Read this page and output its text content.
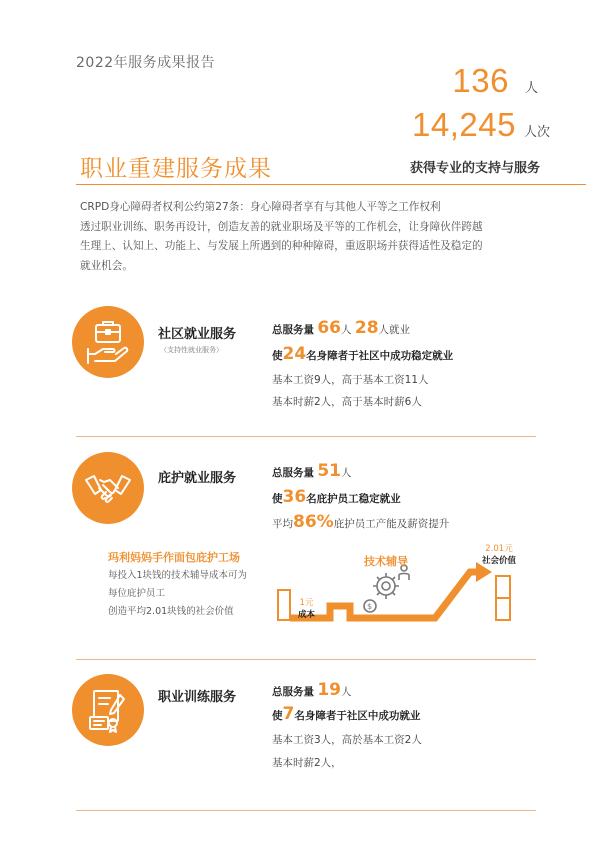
2022年服务成果报告	136 人
14,245 人次
获得专业的支持与服务
职业重建服务成果

CRPD身心障碍者权利公约第27条：身心障碍者享有与其他人平等之工作权利

透过职业训练、职务再设计，创造友善的就业职场及平等的工作机会，让身障伙伴跨越

生理上、认知上、功能上、与发展上所遇到的种种障碍，重返职场并获得适性及稳定的

就业机会。

社区就业服务
（支持性就业服务）
总服务量 66人 28人就业
使24名身障者于社区中成功稳定就业
基本工资9人，高于基本工资11人
基本时薪2人，高于基本时薪6人
庇护就业服务	总服务量 51人
使36名庇护员工稳定就业
平均86%庇护员工产能及薪资提升
玛利妈妈手作面包庇护工场
每投入1块钱的技术辅导成本可为
每位庇护员工
创造平均2.01块钱的社会价值	$
1元
成本
技术辅导
2.01元
社会价值
职业训练服务	总服务量 19人
使7名身障者于社区中成功就业
基本工资3人，高於基本工资2人
基本时薪2人，
